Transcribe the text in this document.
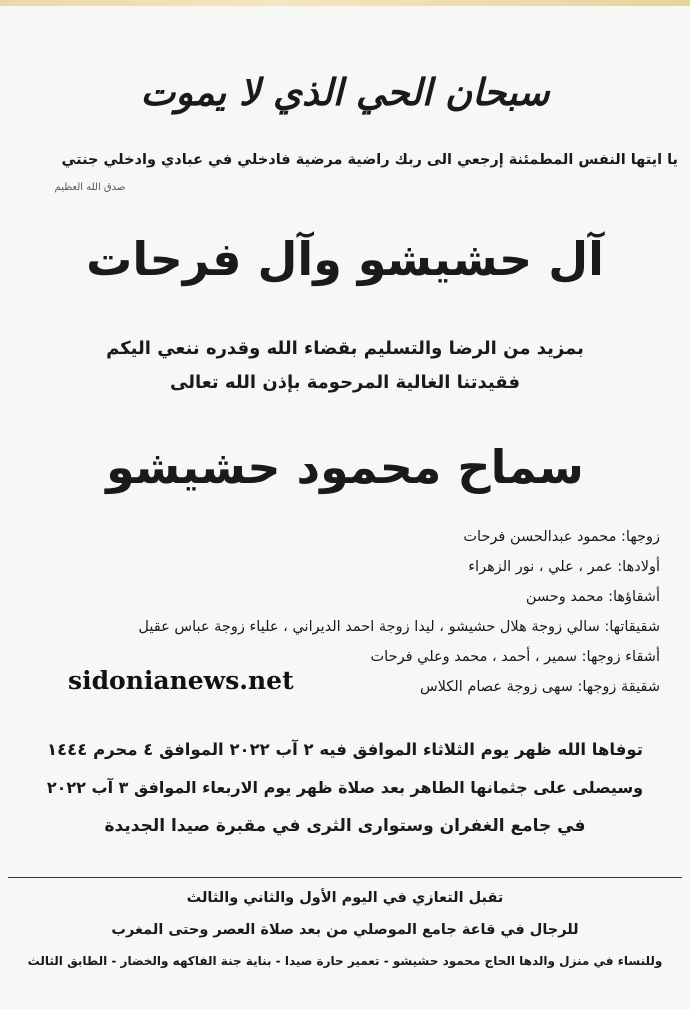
سبحان الحي الذي لا يموت
يا ايتها النفس المطمئنة إرجعي الى ربك راضية مرضية فادخلي في عبادي وادخلي جنتي
صدق الله العظيم
آل حشيشو وآل فرحات
بمزيد من الرضا والتسليم بقضاء الله وقدره ننعي اليكم
فقيدتنا الغالية المرحومة بإذن الله تعالى
سماح محمود حشيشو
زوجها: محمود عبدالحسن فرحات
أولادها: عمر ، علي ، نور الزهراء
أشقاؤها: محمد وحسن
شقيقاتها: سالي زوجة هلال حشيشو ، ليدا زوجة احمد الديراني ، علياء زوجة عباس عقيل
أشقاء زوجها: سمير ، أحمد ، محمد وعلي فرحات
شقيقة زوجها: سهى زوجة عصام الكلاس
sidonianews.net
توفاها الله ظهر يوم الثلاثاء الموافق فيه ٢ آب ٢٠٢٢ الموافق ٤ محرم ١٤٤٤
وسيصلى على جثمانها الطاهر بعد صلاة ظهر يوم الاربعاء الموافق ٣ آب ٢٠٢٢
في جامع الغفران وستوارى الثرى في مقبرة صيدا الجديدة
تقبل التعازي في اليوم الأول والثاني والثالث
للرجال في قاعة جامع الموصلي من بعد صلاة العصر وحتى المغرب
وللنساء في منزل والدها الحاج محمود حشيشو - تعمير حارة صيدا - بناية جنة الفاكهه والخضار - الطابق الثالث
